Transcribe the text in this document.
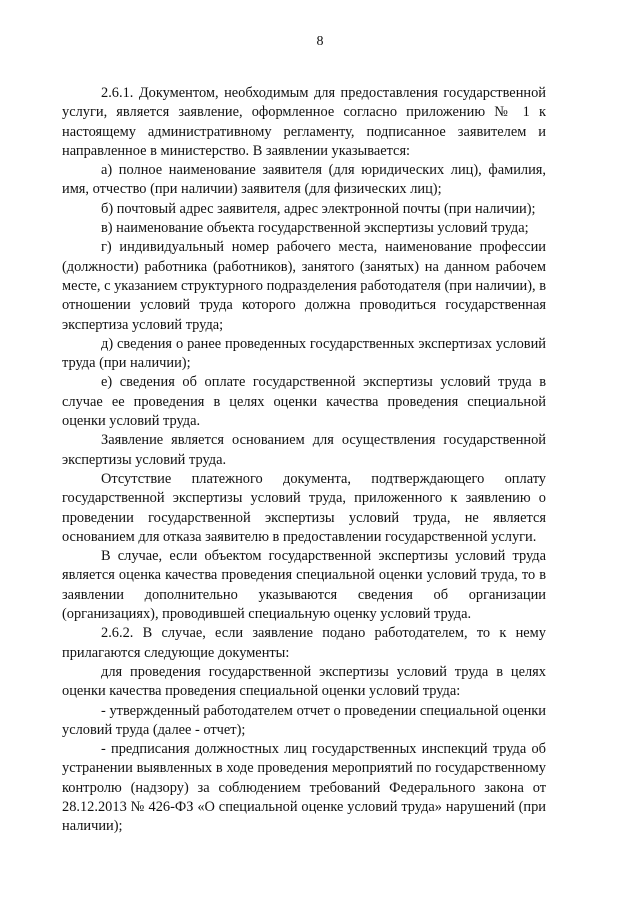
8

2.6.1. Документом, необходимым для предоставления государственной услуги, является заявление, оформленное согласно приложению № 1 к настоящему административному регламенту, подписанное заявителем и направленное в министерство. В заявлении указывается:

а) полное наименование заявителя (для юридических лиц), фамилия, имя, отчество (при наличии) заявителя (для физических лиц);

б) почтовый адрес заявителя, адрес электронной почты (при наличии);

в) наименование объекта государственной экспертизы условий труда;

г) индивидуальный номер рабочего места, наименование профессии (должности) работника (работников), занятого (занятых) на данном рабочем месте, с указанием структурного подразделения работодателя (при наличии), в отношении условий труда которого должна проводиться государственная экспертиза условий труда;

д) сведения о ранее проведенных государственных экспертизах условий труда (при наличии);

е) сведения об оплате государственной экспертизы условий труда в случае ее проведения в целях оценки качества проведения специальной оценки условий труда.

Заявление является основанием для осуществления государственной экспертизы условий труда.

Отсутствие платежного документа, подтверждающего оплату государственной экспертизы условий труда, приложенного к заявлению о проведении государственной экспертизы условий труда, не является основанием для отказа заявителю в предоставлении государственной услуги.

В случае, если объектом государственной экспертизы условий труда является оценка качества проведения специальной оценки условий труда, то в заявлении дополнительно указываются сведения об организации (организациях), проводившей специальную оценку условий труда.

2.6.2. В случае, если заявление подано работодателем, то к нему прилагаются следующие документы:

для проведения государственной экспертизы условий труда в целях оценки качества проведения специальной оценки условий труда:

- утвержденный работодателем отчет о проведении специальной оценки условий труда (далее - отчет);

- предписания должностных лиц государственных инспекций труда об устранении выявленных в ходе проведения мероприятий по государственному контролю (надзору) за соблюдением требований Федерального закона от 28.12.2013 № 426-ФЗ «О специальной оценке условий труда» нарушений (при наличии);
